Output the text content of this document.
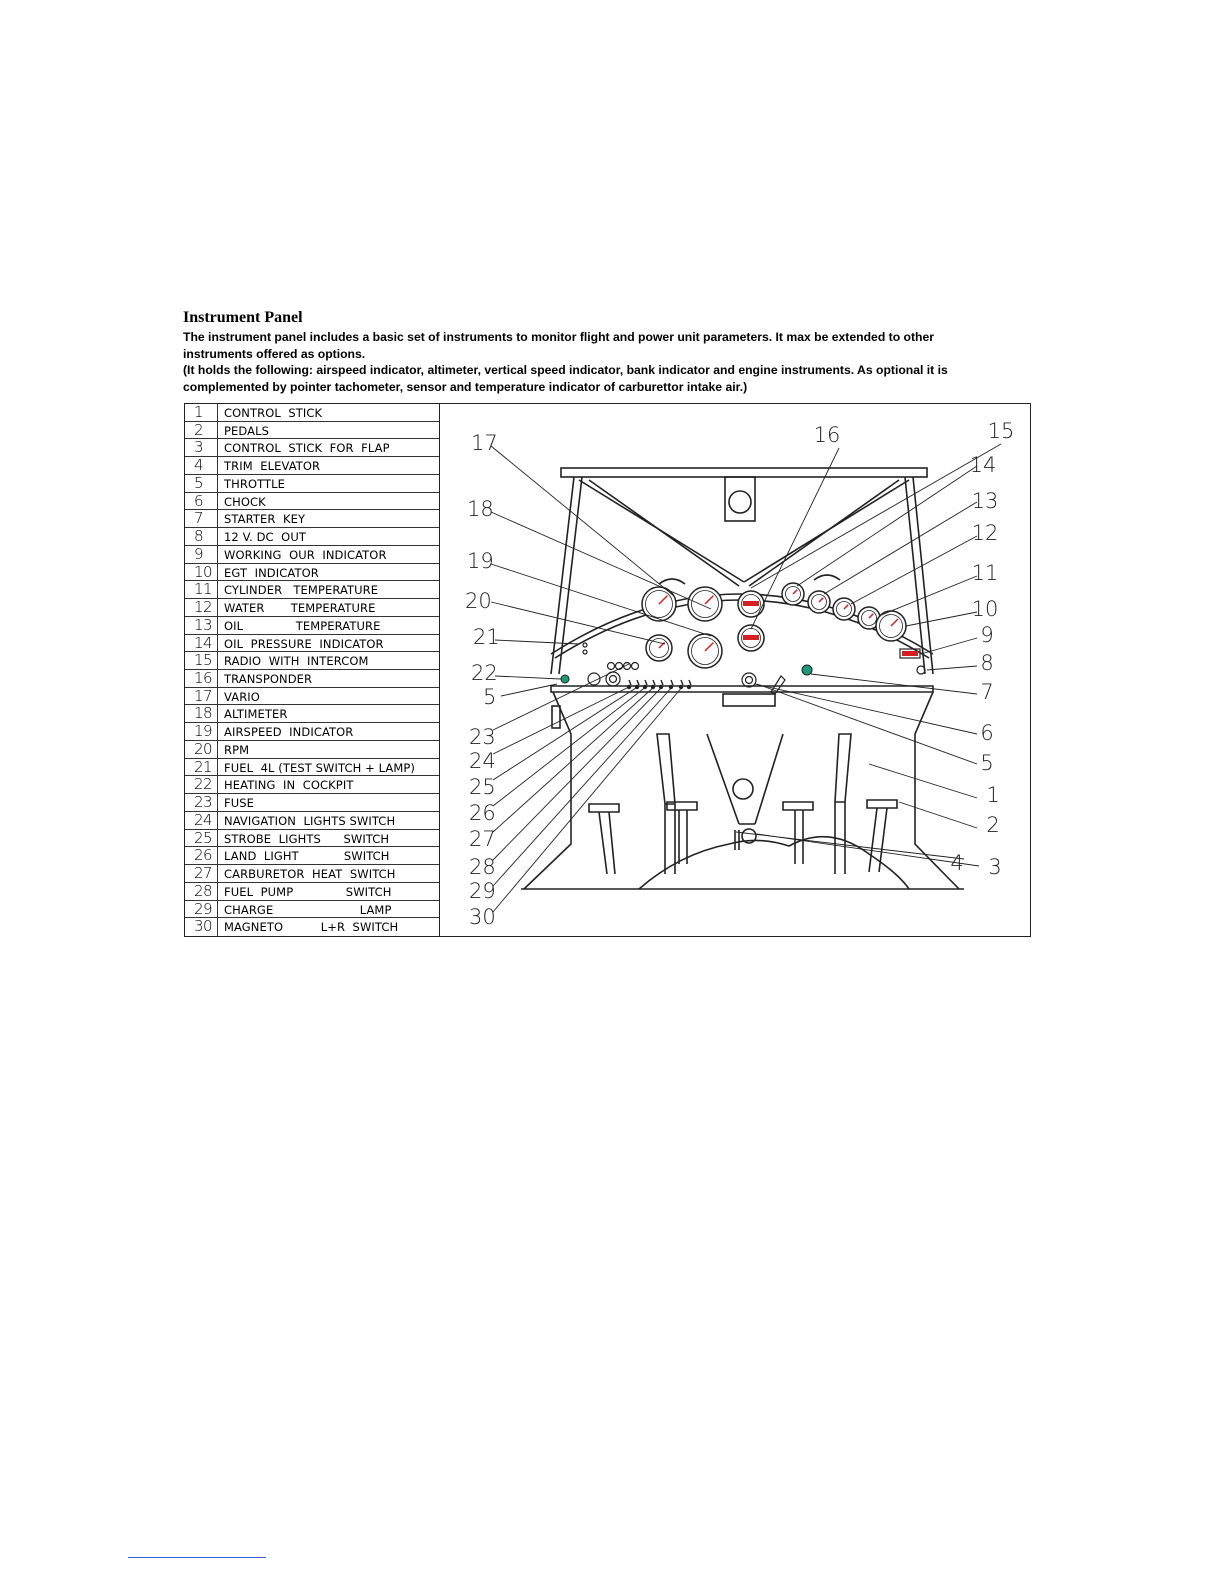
Instrument Panel

The instrument panel includes a basic set of instruments to monitor flight and power unit parameters. It max be extended to other instruments offered as options.

(It holds the following: airspeed indicator, altimeter, vertical speed indicator, bank indicator and engine instruments. As optional it is complemented by pointer tachometer, sensor and temperature indicator of carburettor intake air.)

1	CONTROL  STICK
2	PEDALS
3	CONTROL  STICK  FOR  FLAP
4	TRIM  ELEVATOR
5	THROTTLE
6	CHOCK
7	STARTER  KEY
8	12 V. DC  OUT
9	WORKING  OUR  INDICATOR
10	EGT  INDICATOR
11	CYLINDER   TEMPERATURE
12	WATER       TEMPERATURE
13	OIL              TEMPERATURE
14	OIL  PRESSURE  INDICATOR
15	RADIO  WITH  INTERCOM
16	TRANSPONDER
17	VARIO
18	ALTIMETER
19	AIRSPEED  INDICATOR
20	RPM
21	FUEL  4L (TEST SWITCH + LAMP)
22	HEATING  IN  COCKPIT
23	FUSE
24	NAVIGATION  LIGHTS SWITCH
25	STROBE  LIGHTS      SWITCH
26	LAND  LIGHT            SWITCH
27	CARBURETOR  HEAT  SWITCH
28	FUEL  PUMP              SWITCH
29	CHARGE                       LAMP
30	MAGNETO          L+R  SWITCH
1
2
3
4
5
5
6
7
8
9
10
11
12
13
14
15
16
17
18
19
20
21
22
23
24
25
26
27
28
29
30
